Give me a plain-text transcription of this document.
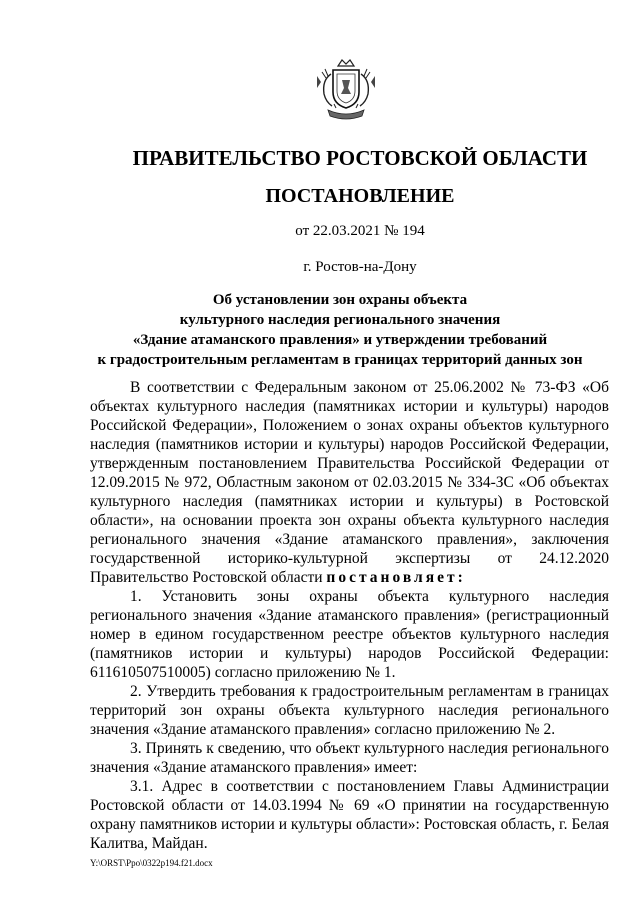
ПРАВИТЕЛЬСТВО РОСТОВСКОЙ ОБЛАСТИ
ПОСТАНОВЛЕНИЕ
от 22.03.2021 № 194
г. Ростов-на-Дону
Об установлении зон охраны объекта
культурного наследия регионального значения
«Здание атаманского правления» и утверждении требований
к градостроительным регламентам в границах территорий данных зон

В соответствии с Федеральным законом от 25.06.2002 № 73-ФЗ «Об объектах культурного наследия (памятниках истории и культуры) народов Российской Федерации», Положением о зонах охраны объектов культурного наследия (памятников истории и культуры) народов Российской Федерации, утвержденным постановлением Правительства Российской Федерации от 12.09.2015 № 972, Областным законом от 02.03.2015 № 334-ЗС «Об объектах культурного наследия (памятниках истории и культуры) в Ростовской области», на основании проекта зон охраны объекта культурного наследия регионального значения «Здание атаманского правления», заключения государственной историко-культурной экспертизы от 24.12.2020 Правительство Ростовской области постановляет:

1. Установить зоны охраны объекта культурного наследия регионального значения «Здание атаманского правления» (регистрационный номер в едином государственном реестре объектов культурного наследия (памятников истории и культуры) народов Российской Федерации: 611610507510005) согласно приложению № 1.

2. Утвердить требования к градостроительным регламентам в границах территорий зон охраны объекта культурного наследия регионального значения «Здание атаманского правления» согласно приложению № 2.

3. Принять к сведению, что объект культурного наследия регионального значения «Здание атаманского правления» имеет:

3.1. Адрес в соответствии с постановлением Главы Администрации Ростовской области от 14.03.1994 № 69 «О принятии на государственную охрану памятников истории и культуры области»: Ростовская область, г. Белая Калитва, Майдан.

Y:\ORST\Ppo\0322p194.f21.docx
